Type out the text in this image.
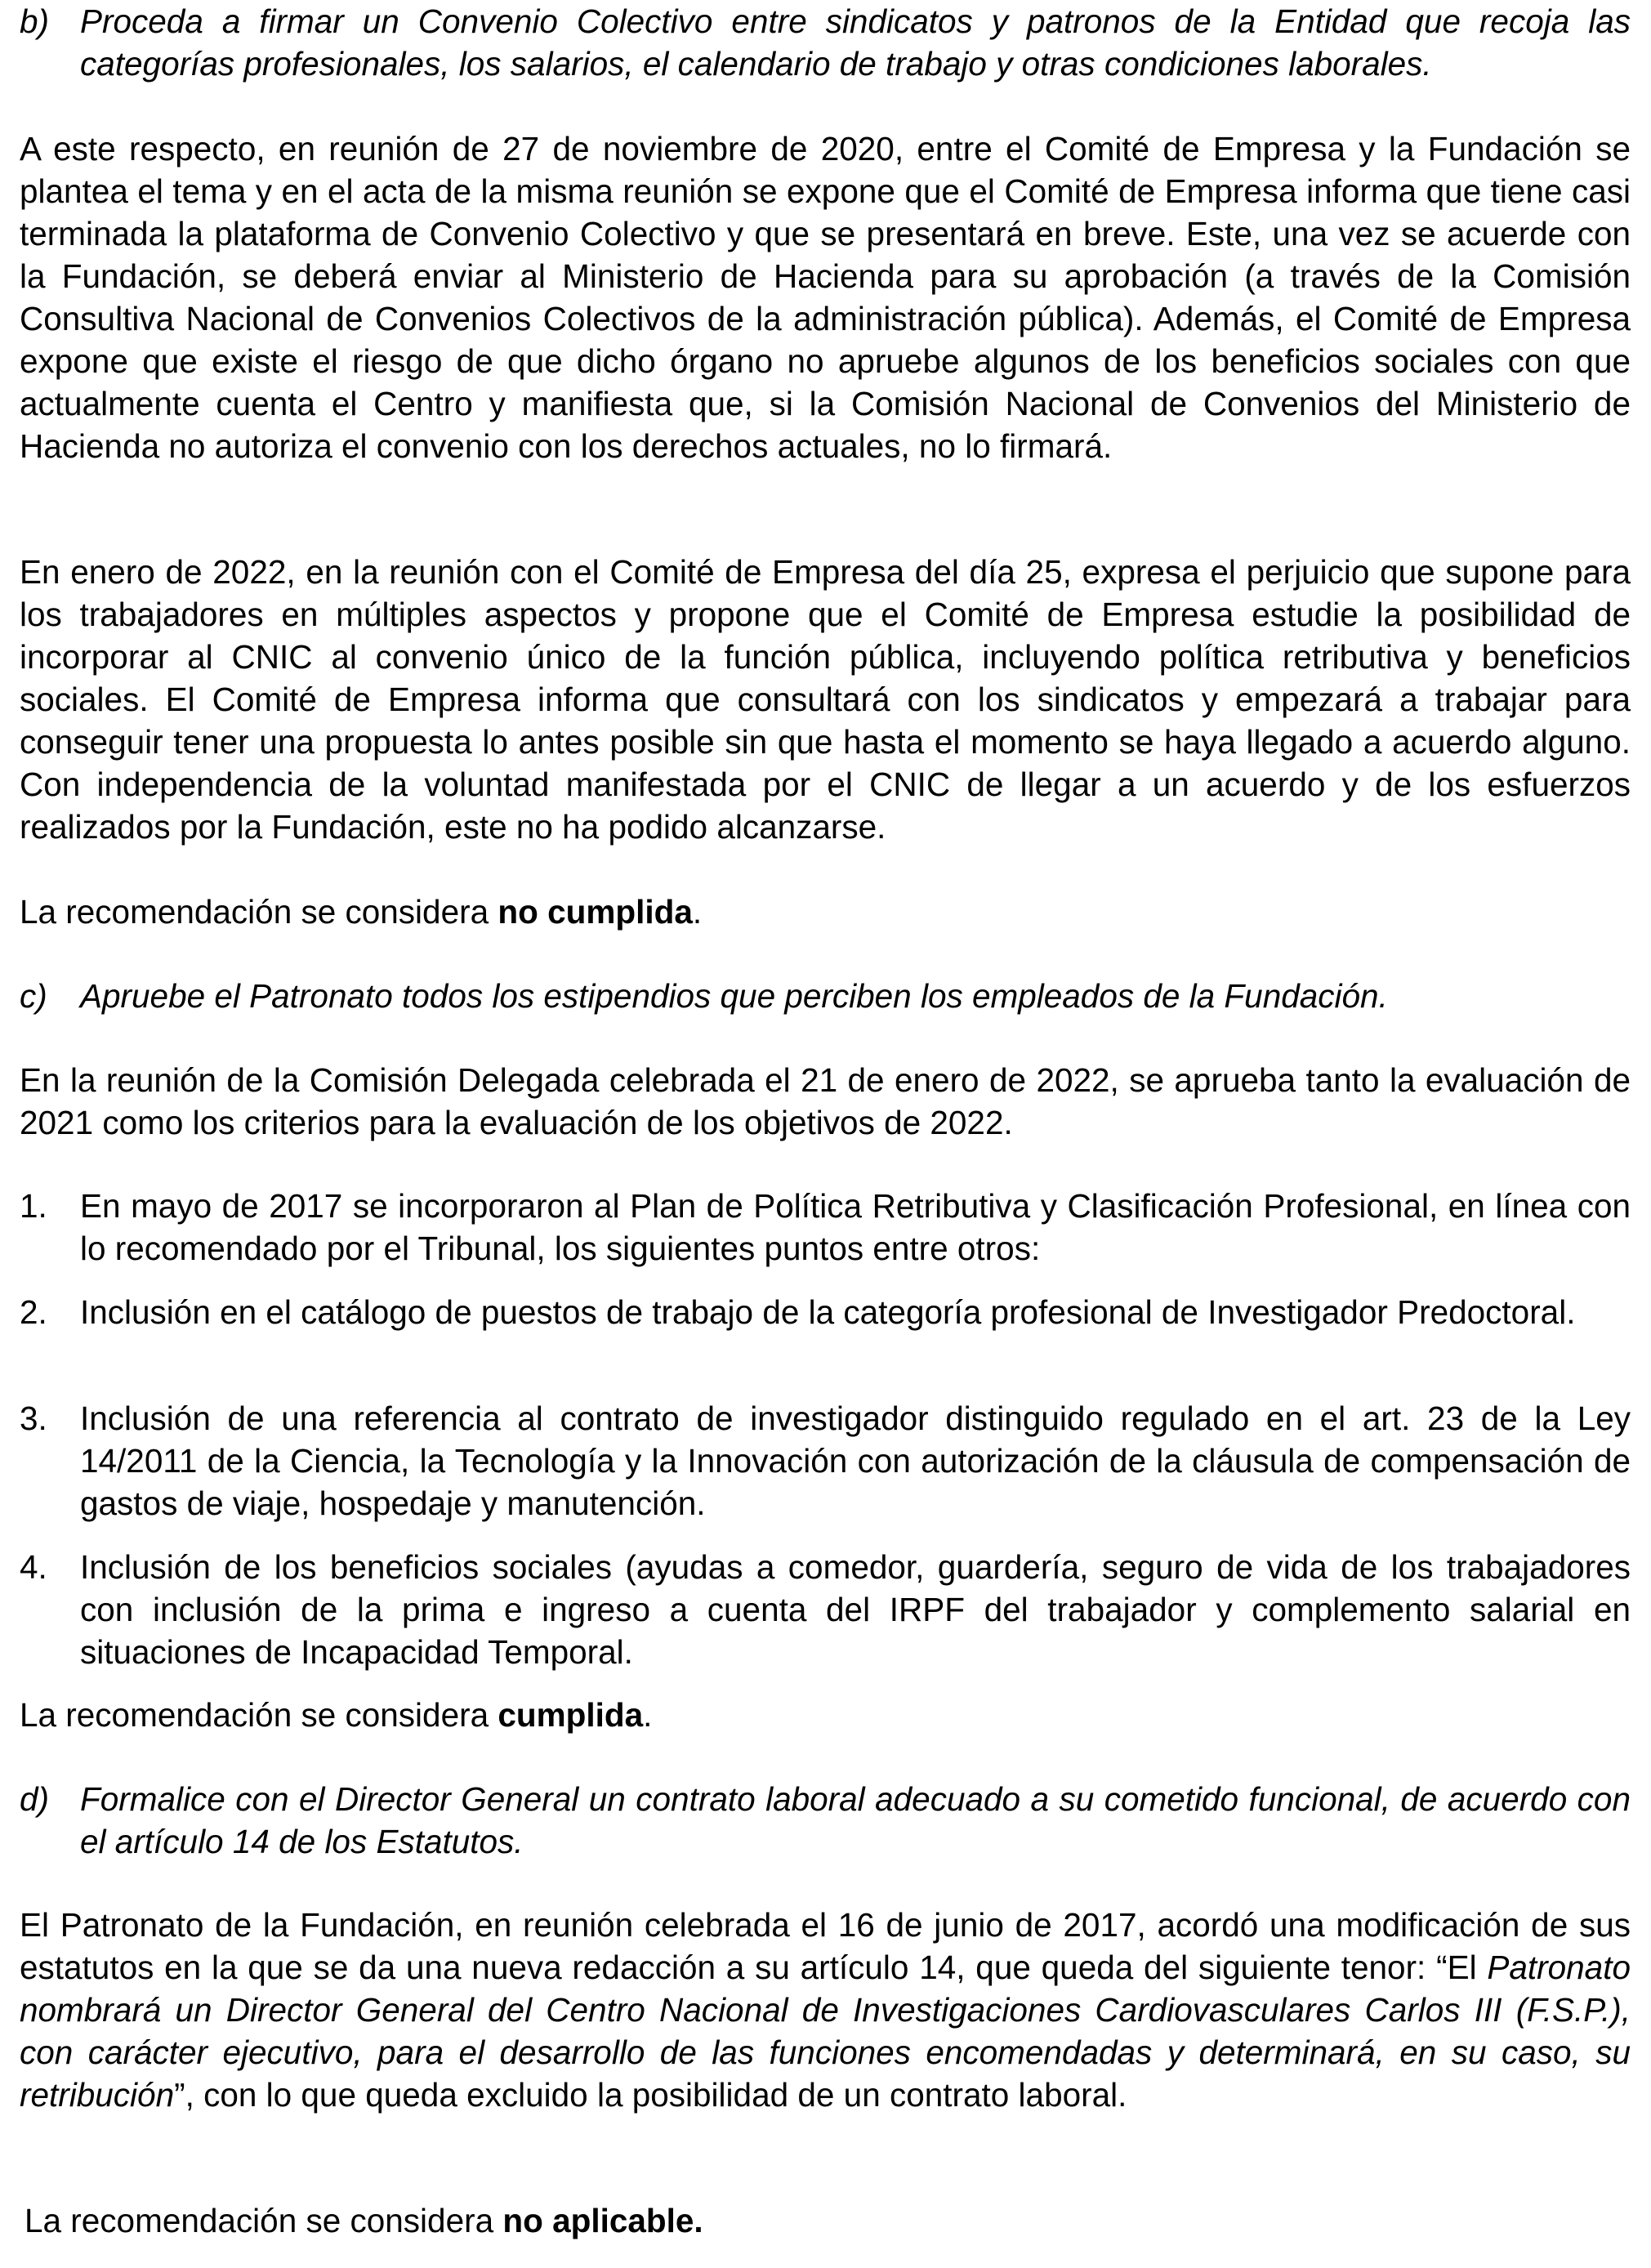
b) Proceda a firmar un Convenio Colectivo entre sindicatos y patronos de la Entidad que recoja las categorías profesionales, los salarios, el calendario de trabajo y otras condiciones laborales.

A este respecto, en reunión de 27 de noviembre de 2020, entre el Comité de Empresa y la Fundación se plantea el tema y en el acta de la misma reunión se expone que el Comité de Empresa informa que tiene casi terminada la plataforma de Convenio Colectivo y que se presentará en breve. Este, una vez se acuerde con la Fundación, se deberá enviar al Ministerio de Hacienda para su aprobación (a través de la Comisión Consultiva Nacional de Convenios Colectivos de la administración pública). Además, el Comité de Empresa expone que existe el riesgo de que dicho órgano no apruebe algunos de los beneficios sociales con que actualmente cuenta el Centro y manifiesta que, si la Comisión Nacional de Convenios del Ministerio de Hacienda no autoriza el convenio con los derechos actuales, no lo firmará.

En enero de 2022, en la reunión con el Comité de Empresa del día 25, expresa el perjuicio que supone para los trabajadores en múltiples aspectos y propone que el Comité de Empresa estudie la posibilidad de incorporar al CNIC al convenio único de la función pública, incluyendo política retributiva y beneficios sociales. El Comité de Empresa informa que consultará con los sindicatos y empezará a trabajar para conseguir tener una propuesta lo antes posible sin que hasta el momento se haya llegado a acuerdo alguno. Con independencia de la voluntad manifestada por el CNIC de llegar a un acuerdo y de los esfuerzos realizados por la Fundación, este no ha podido alcanzarse.

La recomendación se considera no cumplida.

c) Apruebe el Patronato todos los estipendios que perciben los empleados de la Fundación.

En la reunión de la Comisión Delegada celebrada el 21 de enero de 2022, se aprueba tanto la evaluación de 2021 como los criterios para la evaluación de los objetivos de 2022.

1. En mayo de 2017 se incorporaron al Plan de Política Retributiva y Clasificación Profesional, en línea con lo recomendado por el Tribunal, los siguientes puntos entre otros:
2. Inclusión en el catálogo de puestos de trabajo de la categoría profesional de Investigador Predoctoral.
3. Inclusión de una referencia al contrato de investigador distinguido regulado en el art. 23 de la Ley 14/2011 de la Ciencia, la Tecnología y la Innovación con autorización de la cláusula de compensación de gastos de viaje, hospedaje y manutención.
4. Inclusión de los beneficios sociales (ayudas a comedor, guardería, seguro de vida de los trabajadores con inclusión de la prima e ingreso a cuenta del IRPF del trabajador y complemento salarial en situaciones de Incapacidad Temporal.

La recomendación se considera cumplida.

d) Formalice con el Director General un contrato laboral adecuado a su cometido funcional, de acuerdo con el artículo 14 de los Estatutos.

El Patronato de la Fundación, en reunión celebrada el 16 de junio de 2017, acordó una modificación de sus estatutos en la que se da una nueva redacción a su artículo 14, que queda del siguiente tenor: “El Patronato nombrará un Director General del Centro Nacional de Investigaciones Cardiovasculares Carlos III (F.S.P.), con carácter ejecutivo, para el desarrollo de las funciones encomendadas y determinará, en su caso, su retribución”, con lo que queda excluido la posibilidad de un contrato laboral.

La recomendación se considera no aplicable.
